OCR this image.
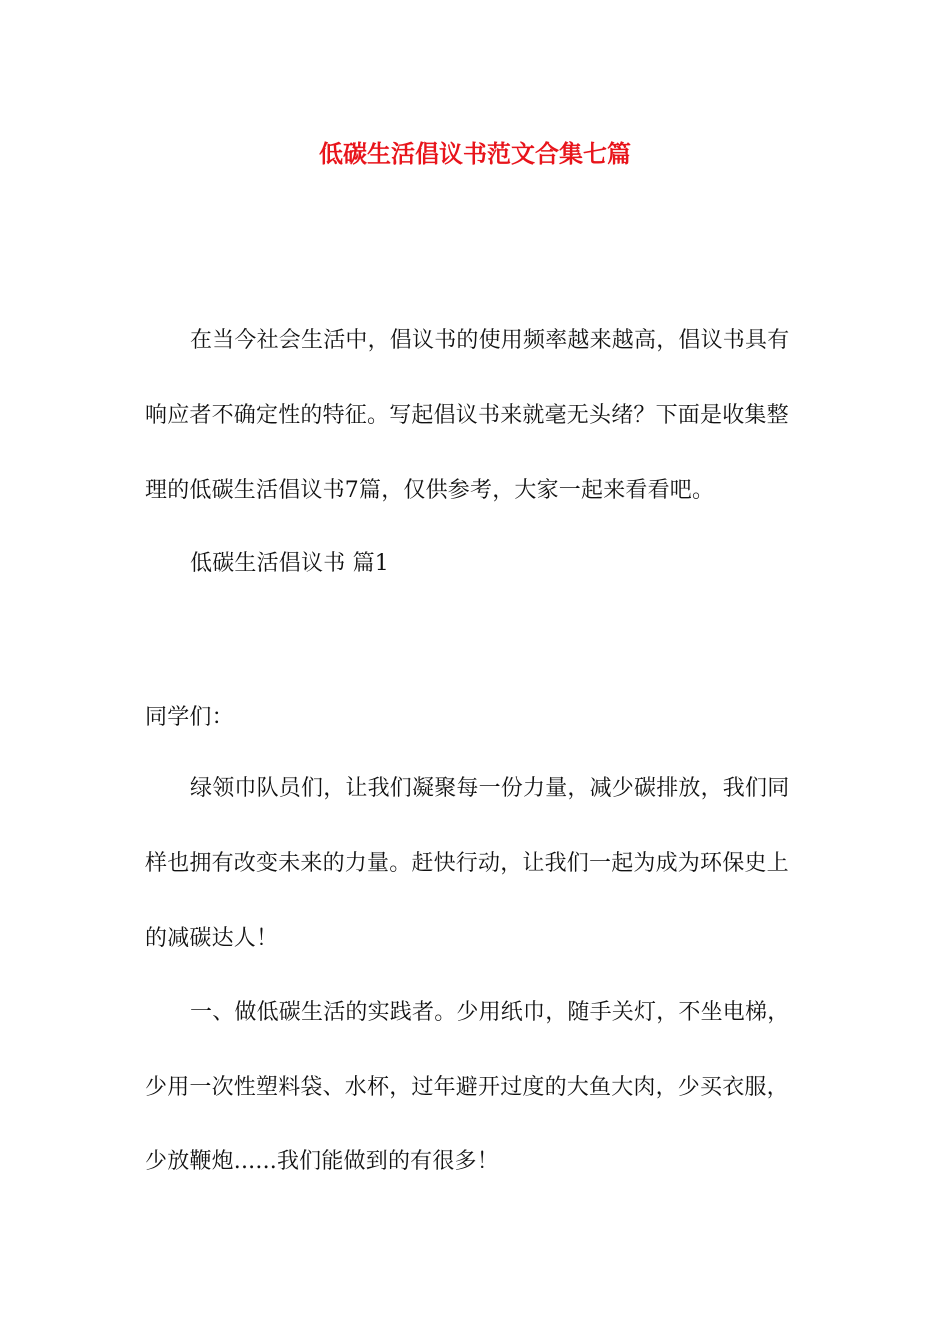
低碳生活倡议书范文合集七篇
在当今社会生活中，倡议书的使用频率越来越高，倡议书具有
响应者不确定性的特征。写起倡议书来就毫无头绪？下面是收集整
理的低碳生活倡议书7篇，仅供参考，大家一起来看看吧。
低碳生活倡议书 篇1
同学们：
绿领巾队员们，让我们凝聚每一份力量，减少碳排放，我们同
样也拥有改变未来的力量。赶快行动，让我们一起为成为环保史上
的减碳达人！
一、做低碳生活的实践者。少用纸巾，随手关灯，不坐电梯，
少用一次性塑料袋、水杯，过年避开过度的大鱼大肉，少买衣服，
少放鞭炮......我们能做到的有很多！
